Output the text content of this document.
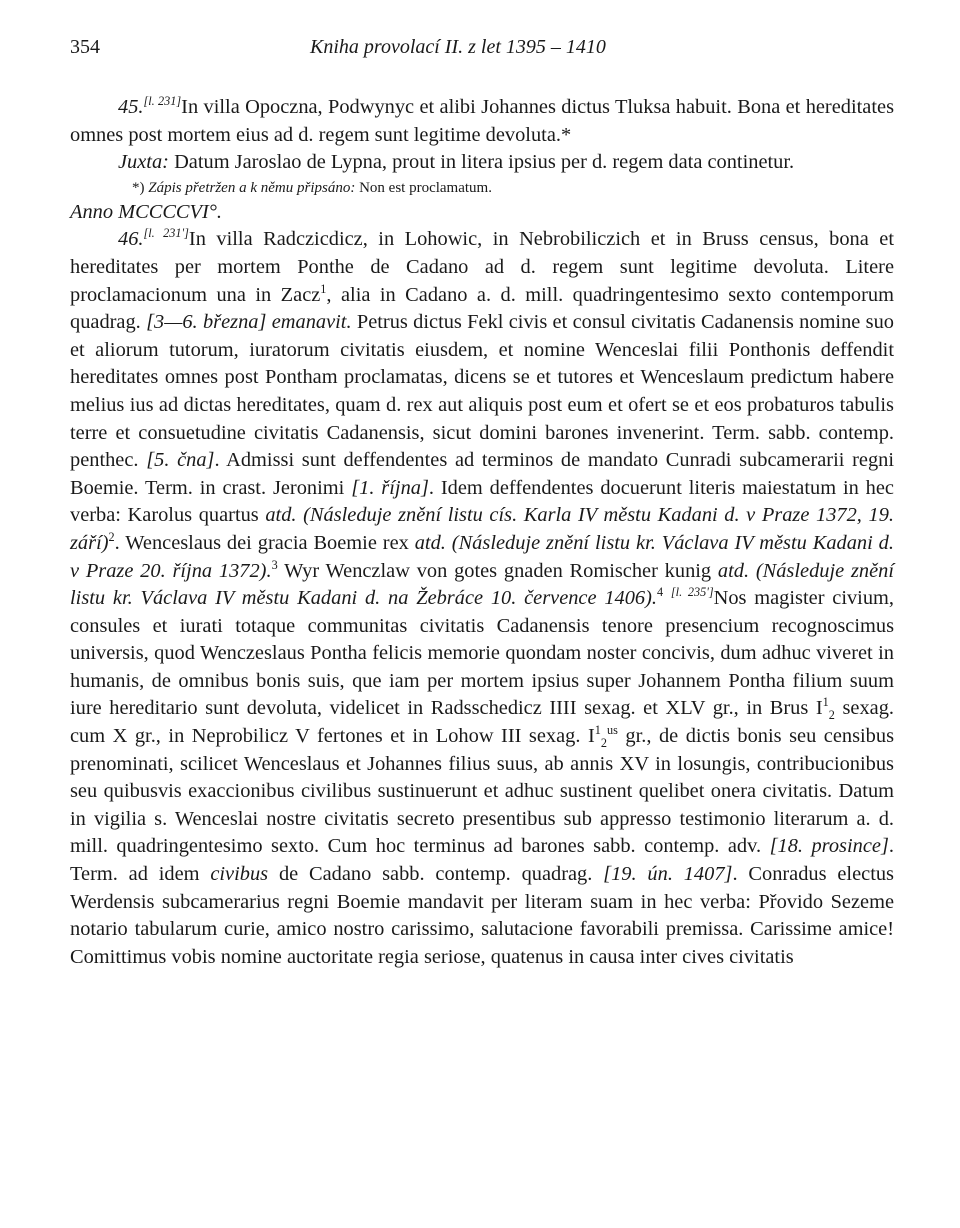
354	Kniha provolací II. z let 1395 – 1410

45.[l. 231]In villa Opoczna, Podwynyc et alibi Johannes dictus Tluksa habuit. Bona et hereditates omnes post mortem eius ad d. regem sunt legitime devoluta.*

Juxta: Datum Jaroslao de Lypna, prout in litera ipsius per d. regem data continetur.

*) Zápis přetržen a k němu připsáno: Non est proclamatum.

Anno MCCCCVI°.

46.[l. 231']In villa Radczicdicz, in Lohowic, in Nebrobiliczich et in Bruss census, bona et hereditates per mortem Ponthe de Cadano ad d. regem sunt legitime devoluta. Litere proclamacionum una in Zacz$^1$, alia in Cadano a. d. mill. quadringentesimo sexto contemporum quadrag. [3—6. března] emanavit. Petrus dictus Fekl civis et consul civitatis Cadanensis nomine suo et aliorum tutorum, iuratorum civitatis eiusdem, et nomine Wenceslai filii Ponthonis deffendit hereditates omnes post Pontham proclamatas, dicens se et tutores et Wenceslaum predictum habere melius ius ad dictas hereditates, quam d. rex aut aliquis post eum et ofert se et eos probaturos tabulis terre et consuetudine civitatis Cadanensis, sicut domini barones invenerint. Term. sabb. contemp. penthec. [5. čna]. Admissi sunt deffendentes ad terminos de mandato Cunradi subcamerarii regni Boemie. Term. in crast. Jeronimi [1. října]. Idem deffendentes docuerunt literis maiestatum in hec verba: Karolus quartus atd. (Následuje znění listu cís. Karla IV městu Kadani d. v Praze 1372, 19. září)$^2$. Wenceslaus dei gracia Boemie rex atd. (Následuje znění listu kr. Václava IV městu Kadani d. v Praze 20. října 1372).$^3$ Wyr Wenczlaw von gotes gnaden Romischer kunig atd. (Následuje znění listu kr. Václava IV městu Kadani d. na Žebráce 10. července 1406).$^4$ [l. 235']Nos magister civium, consules et iurati totaque communitas civitatis Cadanensis tenore presencium recognoscimus universis, quod Wenczeslaus Pontha felicis memorie quondam noster concivis, dum adhuc viveret in humanis, de omnibus bonis suis, que iam per mortem ipsius super Johannem Pontha filium suum iure hereditario sunt devoluta, videlicet in Radsschedicz IIII sexag. et XLV gr., in Brus $I^1_2$ sexag. cum X gr., in Neprobilicz V fertones et in Lohow III sexag. $I^1_2^{us}$ gr., de dictis bonis seu censibus prenominati, scilicet Wenceslaus et Johannes filius suus, ab annis XV in losungis, contribucionibus seu quibusvis exaccionibus civilibus sustinuerunt et adhuc sustinent quelibet onera civitatis. Datum in vigilia s. Wenceslai nostre civitatis secreto presentibus sub appresso testimonio literarum a. d. mill. quadringentesimo sexto. Cum hoc terminus ad barones sabb. contemp. adv. [18. prosince]. Term. ad idem civibus de Cadano sabb. contemp. quadrag. [19. ún. 1407]. Conradus electus Werdensis subcamerarius regni Boemie mandavit per literam suam in hec verba: Přovido Sezeme notario tabularum curie, amico nostro carissimo, salutacione favorabili premissa. Carissime amice! Comittimus vobis nomine auctoritate regia seriose, quatenus in causa inter cives civitatis
